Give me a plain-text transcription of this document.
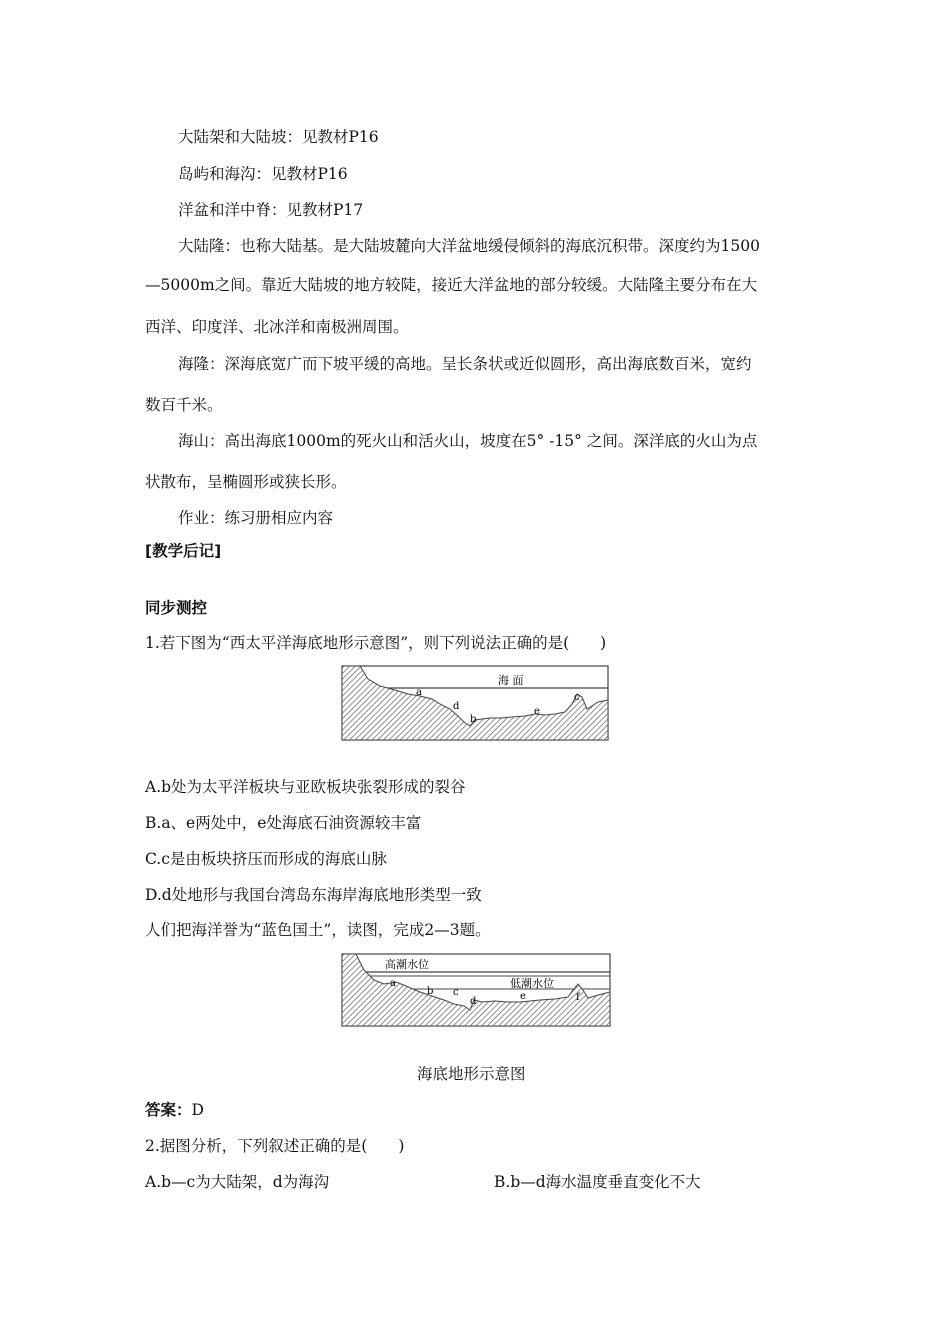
大陆架和大陆坡：见教材P16
岛屿和海沟：见教材P16
洋盆和洋中脊：见教材P17
大陆隆：也称大陆基。是大陆坡麓向大洋盆地缓侵倾斜的海底沉积带。深度约为1500
—5000m之间。靠近大陆坡的地方较陡，接近大洋盆地的部分较缓。大陆隆主要分布在大
西洋、印度洋、北冰洋和南极洲周围。
海隆：深海底宽广而下坡平缓的高地。呈长条状或近似圆形，高出海底数百米，宽约
数百千米。
海山：高出海底1000m的死火山和活火山，坡度在5° -15° 之间。深洋底的火山为点
状散布，呈椭圆形或狭长形。
作业：练习册相应内容
[教学后记]
同步测控
1.若下图为“西太平洋海底地形示意图”，则下列说法正确的是(　　)
海 面
a
b
c
d	e
A.b处为太平洋板块与亚欧板块张裂形成的裂谷
B.a、e两处中，e处海底石油资源较丰富
C.c是由板块挤压而形成的海底山脉
D.d处地形与我国台湾岛东海岸海底地形类型一致
人们把海洋誉为“蓝色国土”，读图，完成2—3题。
高潮水位
低潮水位
a
b c
d	e	f
海底地形示意图
答案：D
2.据图分析，下列叙述正确的是(　　)
A.b—c为大陆架，d为海沟	B.b—d海水温度垂直变化不大
